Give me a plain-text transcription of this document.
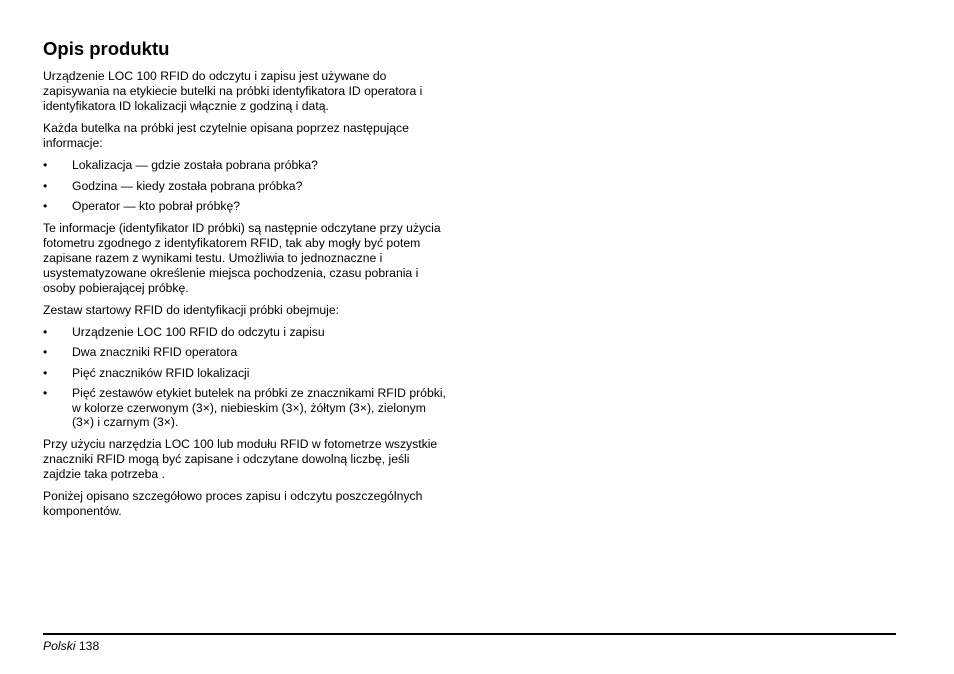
Opis produktu

Urządzenie LOC 100 RFID do odczytu i zapisu jest używane do zapisywania na etykiecie butelki na próbki identyfikatora ID operatora i identyfikatora ID lokalizacji włącznie z godziną i datą.

Każda butelka na próbki jest czytelnie opisana poprzez następujące informacje:

• Lokalizacja — gdzie została pobrana próbka?
• Godzina — kiedy została pobrana próbka?
• Operator — kto pobrał próbkę?

Te informacje (identyfikator ID próbki) są następnie odczytane przy użycia fotometru zgodnego z identyfikatorem RFID, tak aby mogły być potem zapisane razem z wynikami testu. Umożliwia to jednoznaczne i usystematyzowane określenie miejsca pochodzenia, czasu pobrania i osoby pobierającej próbkę.

Zestaw startowy RFID do identyfikacji próbki obejmuje:

• Urządzenie LOC 100 RFID do odczytu i zapisu
• Dwa znaczniki RFID operatora
• Pięć znaczników RFID lokalizacji
• Pięć zestawów etykiet butelek na próbki ze znacznikami RFID próbki, w kolorze czerwonym (3×), niebieskim (3×), żółtym (3×), zielonym (3×) i czarnym (3×).

Przy użyciu narzędzia LOC 100 lub modułu RFID w fotometrze wszystkie znaczniki RFID mogą być zapisane i odczytane dowolną liczbę, jeśli zajdzie taka potrzeba .

Poniżej opisano szczegółowo proces zapisu i odczytu poszczególnych komponentów.

Polski 138
